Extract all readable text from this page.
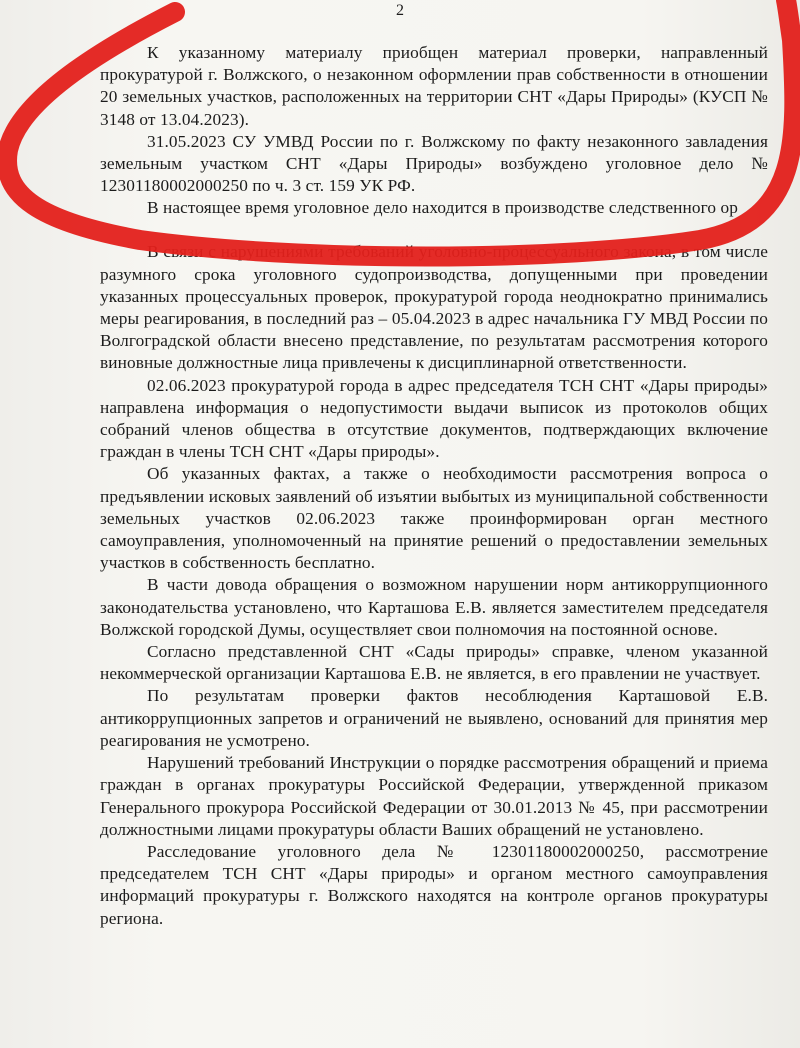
2

К указанному материалу приобщен материал проверки, направленный прокуратурой г. Волжского, о незаконном оформлении прав собственности в отношении 20 земельных участков, расположенных на территории СНТ «Дары Природы» (КУСП № 3148 от 13.04.2023).

31.05.2023 СУ УМВД России по г. Волжскому по факту незаконного завладения земельным участком СНТ «Дары Природы» возбуждено уголовное дело № 12301180002000250 по ч. 3 ст. 159 УК РФ.

В настоящее время уголовное дело находится в производстве следственного ор

В связи с нарушениями требований уголовно-процессуального закона, в том числе разумного срока уголовного судопроизводства, допущенными при проведении указанных процессуальных проверок, прокуратурой города неоднократно принимались меры реагирования, в последний раз – 05.04.2023 в адрес начальника ГУ МВД России по Волгоградской области внесено представление, по результатам рассмотрения которого виновные должностные лица привлечены к дисциплинарной ответственности.

02.06.2023 прокуратурой города в адрес председателя ТСН СНТ «Дары природы» направлена информация о недопустимости выдачи выписок из протоколов общих собраний членов общества в отсутствие документов, подтверждающих включение граждан в члены ТСН СНТ «Дары природы».

Об указанных фактах, а также о необходимости рассмотрения вопроса о предъявлении исковых заявлений об изъятии выбытых из муниципальной собственности земельных участков 02.06.2023 также проинформирован орган местного самоуправления, уполномоченный на принятие решений о предоставлении земельных участков в собственность бесплатно.

В части довода обращения о возможном нарушении норм антикоррупционного законодательства установлено, что Карташова Е.В. является заместителем председателя Волжской городской Думы, осуществляет свои полномочия на постоянной основе.

Согласно представленной СНТ «Сады природы» справке, членом указанной некоммерческой организации Карташова Е.В. не является, в его правлении не участвует.

По результатам проверки фактов несоблюдения Карташовой Е.В. антикоррупционных запретов и ограничений не выявлено, оснований для принятия мер реагирования не усмотрено.

Нарушений требований Инструкции о порядке рассмотрения обращений и приема граждан в органах прокуратуры Российской Федерации, утвержденной приказом Генерального прокурора Российской Федерации от 30.01.2013 № 45, при рассмотрении должностными лицами прокуратуры области Ваших обращений не установлено.

Расследование уголовного дела № 12301180002000250, рассмотрение председателем ТСН СНТ «Дары природы» и органом местного самоуправления информаций прокуратуры г. Волжского находятся на контроле органов прокуратуры региона.
